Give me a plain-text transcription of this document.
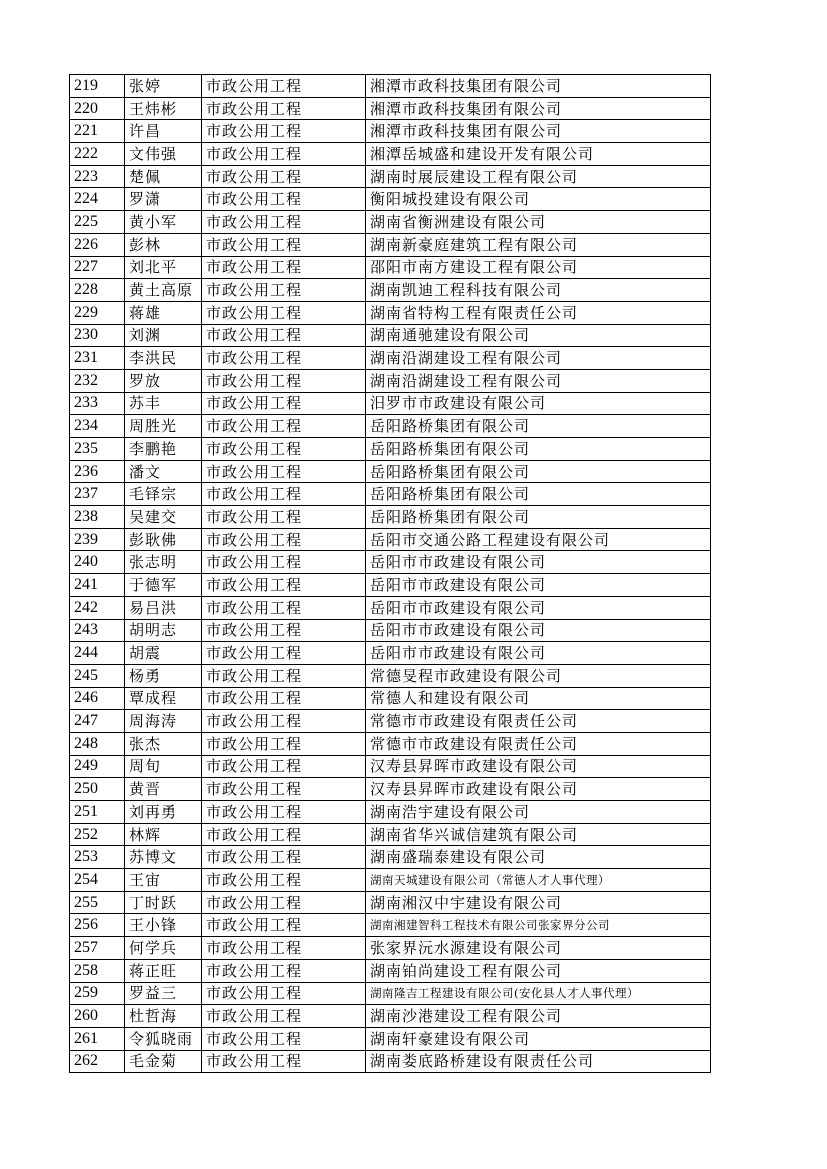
219	张婷	市政公用工程	湘潭市政科技集团有限公司
220	王炜彬	市政公用工程	湘潭市政科技集团有限公司
221	许昌	市政公用工程	湘潭市政科技集团有限公司
222	文伟强	市政公用工程	湘潭岳城盛和建设开发有限公司
223	楚佩	市政公用工程	湖南时展辰建设工程有限公司
224	罗潇	市政公用工程	衡阳城投建设有限公司
225	黄小军	市政公用工程	湖南省衡洲建设有限公司
226	彭林	市政公用工程	湖南新豪庭建筑工程有限公司
227	刘北平	市政公用工程	邵阳市南方建设工程有限公司
228	黄土高原	市政公用工程	湖南凯迪工程科技有限公司
229	蒋雄	市政公用工程	湖南省特构工程有限责任公司
230	刘渊	市政公用工程	湖南通驰建设有限公司
231	李洪民	市政公用工程	湖南沿湖建设工程有限公司
232	罗放	市政公用工程	湖南沿湖建设工程有限公司
233	苏丰	市政公用工程	汨罗市市政建设有限公司
234	周胜光	市政公用工程	岳阳路桥集团有限公司
235	李鹏艳	市政公用工程	岳阳路桥集团有限公司
236	潘文	市政公用工程	岳阳路桥集团有限公司
237	毛铎宗	市政公用工程	岳阳路桥集团有限公司
238	吴建交	市政公用工程	岳阳路桥集团有限公司
239	彭耿佛	市政公用工程	岳阳市交通公路工程建设有限公司
240	张志明	市政公用工程	岳阳市市政建设有限公司
241	于德军	市政公用工程	岳阳市市政建设有限公司
242	易吕洪	市政公用工程	岳阳市市政建设有限公司
243	胡明志	市政公用工程	岳阳市市政建设有限公司
244	胡震	市政公用工程	岳阳市市政建设有限公司
245	杨勇	市政公用工程	常德旻程市政建设有限公司
246	覃成程	市政公用工程	常德人和建设有限公司
247	周海涛	市政公用工程	常德市市政建设有限责任公司
248	张杰	市政公用工程	常德市市政建设有限责任公司
249	周旬	市政公用工程	汉寿县昇晖市政建设有限公司
250	黄晋	市政公用工程	汉寿县昇晖市政建设有限公司
251	刘再勇	市政公用工程	湖南浩宇建设有限公司
252	林辉	市政公用工程	湖南省华兴诚信建筑有限公司
253	苏博文	市政公用工程	湖南盛瑞泰建设有限公司
254	王宙	市政公用工程	湖南天城建设有限公司（常德人才人事代理）
255	丁时跃	市政公用工程	湖南湘汉中宇建设有限公司
256	王小锋	市政公用工程	湖南湘建智科工程技术有限公司张家界分公司
257	何学兵	市政公用工程	张家界沅水源建设有限公司
258	蒋正旺	市政公用工程	湖南铂尚建设工程有限公司
259	罗益三	市政公用工程	湖南隆吉工程建设有限公司(安化县人才人事代理）
260	杜哲海	市政公用工程	湖南沙港建设工程有限公司
261	令狐晓雨	市政公用工程	湖南轩豪建设有限公司
262	毛金菊	市政公用工程	湖南娄底路桥建设有限责任公司
